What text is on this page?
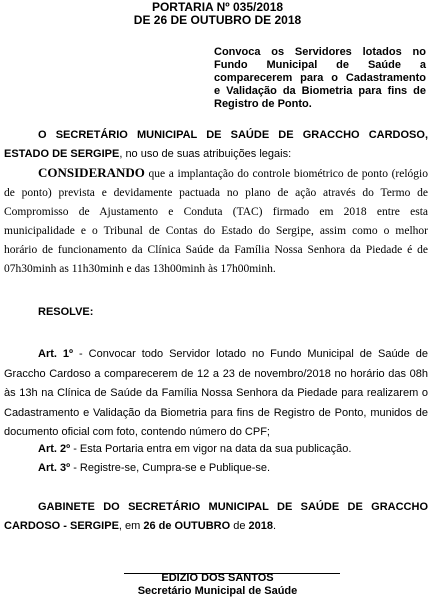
PORTARIA Nº 035/2018
DE 26 DE OUTUBRO DE 2018
Convoca os Servidores lotados no
Fundo Municipal de Saúde a
comparecerem para o Cadastramento
e Validação da Biometria para fins de
Registro de Ponto.
O SECRETÁRIO MUNICIPAL DE SAÚDE DE GRACCHO CARDOSO,
ESTADO DE SERGIPE, no uso de suas atribuições legais:
CONSIDERANDO que a implantação do controle biométrico de ponto (relógio
de ponto) prevista e devidamente pactuada no plano de ação através do Termo de
Compromisso de Ajustamento e Conduta (TAC) firmado em 2018 entre esta
municipalidade e o Tribunal de Contas do Estado do Sergipe, assim como o melhor
horário de funcionamento da Clínica Saúde da Família Nossa Senhora da Piedade é de
07h30minh as 11h30minh e das 13h00minh às 17h00minh.
RESOLVE:
Art. 1º - Convocar todo Servidor lotado no Fundo Municipal de Saúde de
Graccho Cardoso a comparecerem de 12 a 23 de novembro/2018 no horário das 08h
às 13h na Clínica de Saúde da Família Nossa Senhora da Piedade para realizarem o
Cadastramento e Validação da Biometria para fins de Registro de Ponto, munidos de
documento oficial com foto, contendo número do CPF;
Art. 2º - Esta Portaria entra em vigor na data da sua publicação.
Art. 3º - Registre-se, Cumpra-se e Publique-se.
GABINETE DO SECRETÁRIO MUNICIPAL DE SAÚDE DE GRACCHO
CARDOSO - SERGIPE, em 26 de OUTUBRO de 2018.
EDIZIO DOS SANTOS
Secretário Municipal de Saúde
